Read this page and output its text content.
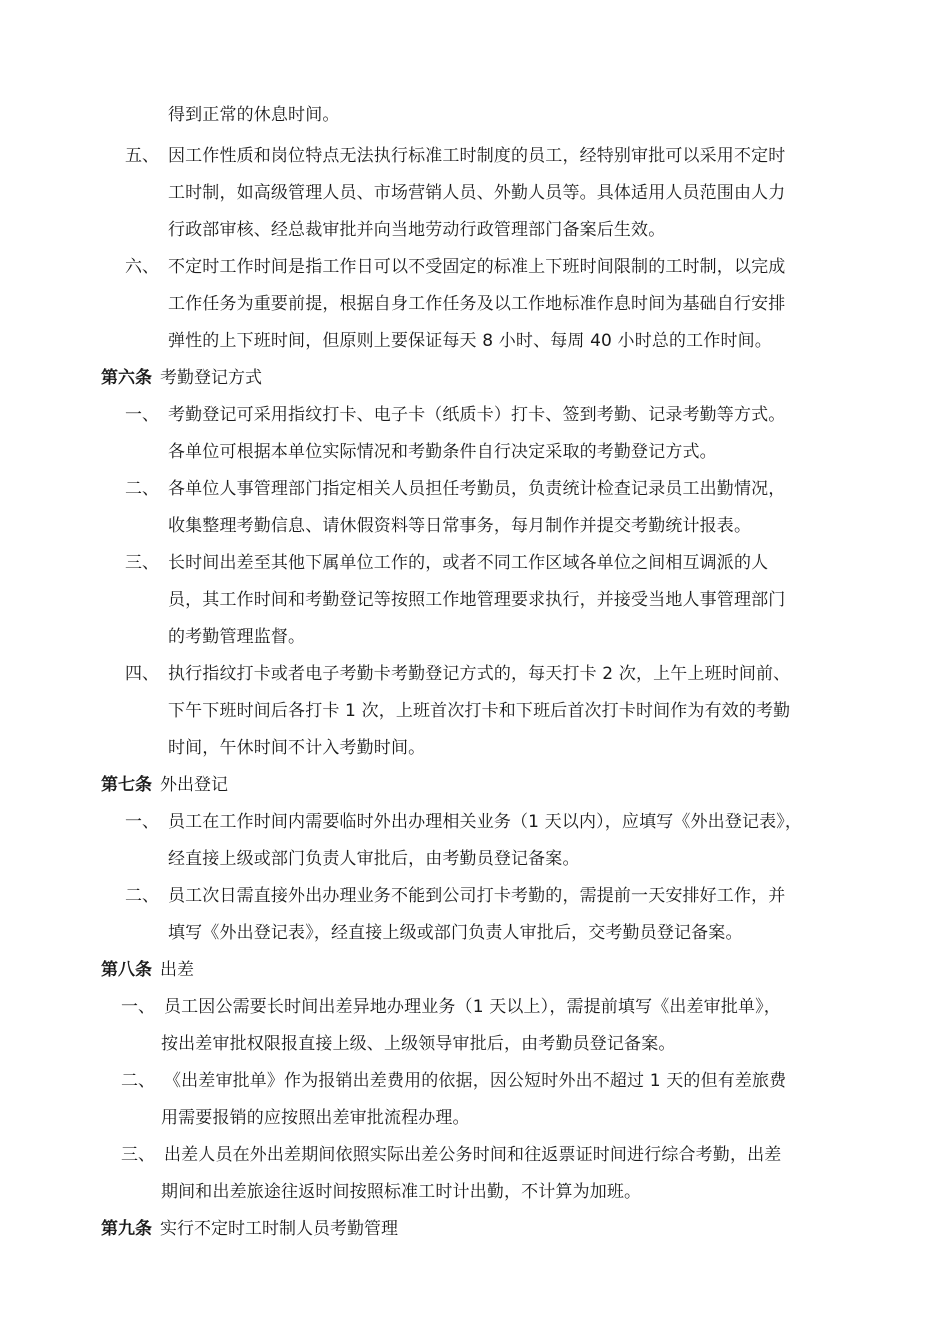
得到正常的休息时间。
五、 因工作性质和岗位特点无法执行标准工时制度的员工，经特别审批可以采用不定时
工时制，如高级管理人员、市场营销人员、外勤人员等。具体适用人员范围由人力
行政部审核、经总裁审批并向当地劳动行政管理部门备案后生效。
六、 不定时工作时间是指工作日可以不受固定的标准上下班时间限制的工时制，以完成
工作任务为重要前提，根据自身工作任务及以工作地标准作息时间为基础自行安排
弹性的上下班时间，但原则上要保证每天 8 小时、每周 40 小时总的工作时间。
第六条 考勤登记方式
一、 考勤登记可采用指纹打卡、电子卡（纸质卡）打卡、签到考勤、记录考勤等方式。
各单位可根据本单位实际情况和考勤条件自行决定采取的考勤登记方式。
二、 各单位人事管理部门指定相关人员担任考勤员，负责统计检查记录员工出勤情况，
收集整理考勤信息、请休假资料等日常事务，每月制作并提交考勤统计报表。
三、 长时间出差至其他下属单位工作的，或者不同工作区域各单位之间相互调派的人
员，其工作时间和考勤登记等按照工作地管理要求执行，并接受当地人事管理部门
的考勤管理监督。
四、 执行指纹打卡或者电子考勤卡考勤登记方式的，每天打卡 2 次，上午上班时间前、
下午下班时间后各打卡 1 次，上班首次打卡和下班后首次打卡时间作为有效的考勤
时间，午休时间不计入考勤时间。
第七条 外出登记
一、 员工在工作时间内需要临时外出办理相关业务（1 天以内），应填写《外出登记表》，
经直接上级或部门负责人审批后，由考勤员登记备案。
二、 员工次日需直接外出办理业务不能到公司打卡考勤的，需提前一天安排好工作，并
填写《外出登记表》，经直接上级或部门负责人审批后，交考勤员登记备案。
第八条 出差
一、 员工因公需要长时间出差异地办理业务（1 天以上），需提前填写《出差审批单》，
按出差审批权限报直接上级、上级领导审批后，由考勤员登记备案。
二、 《出差审批单》作为报销出差费用的依据，因公短时外出不超过 1 天的但有差旅费
用需要报销的应按照出差审批流程办理。
三、 出差人员在外出差期间依照实际出差公务时间和往返票证时间进行综合考勤，出差
期间和出差旅途往返时间按照标准工时计出勤，不计算为加班。
第九条 实行不定时工时制人员考勤管理
